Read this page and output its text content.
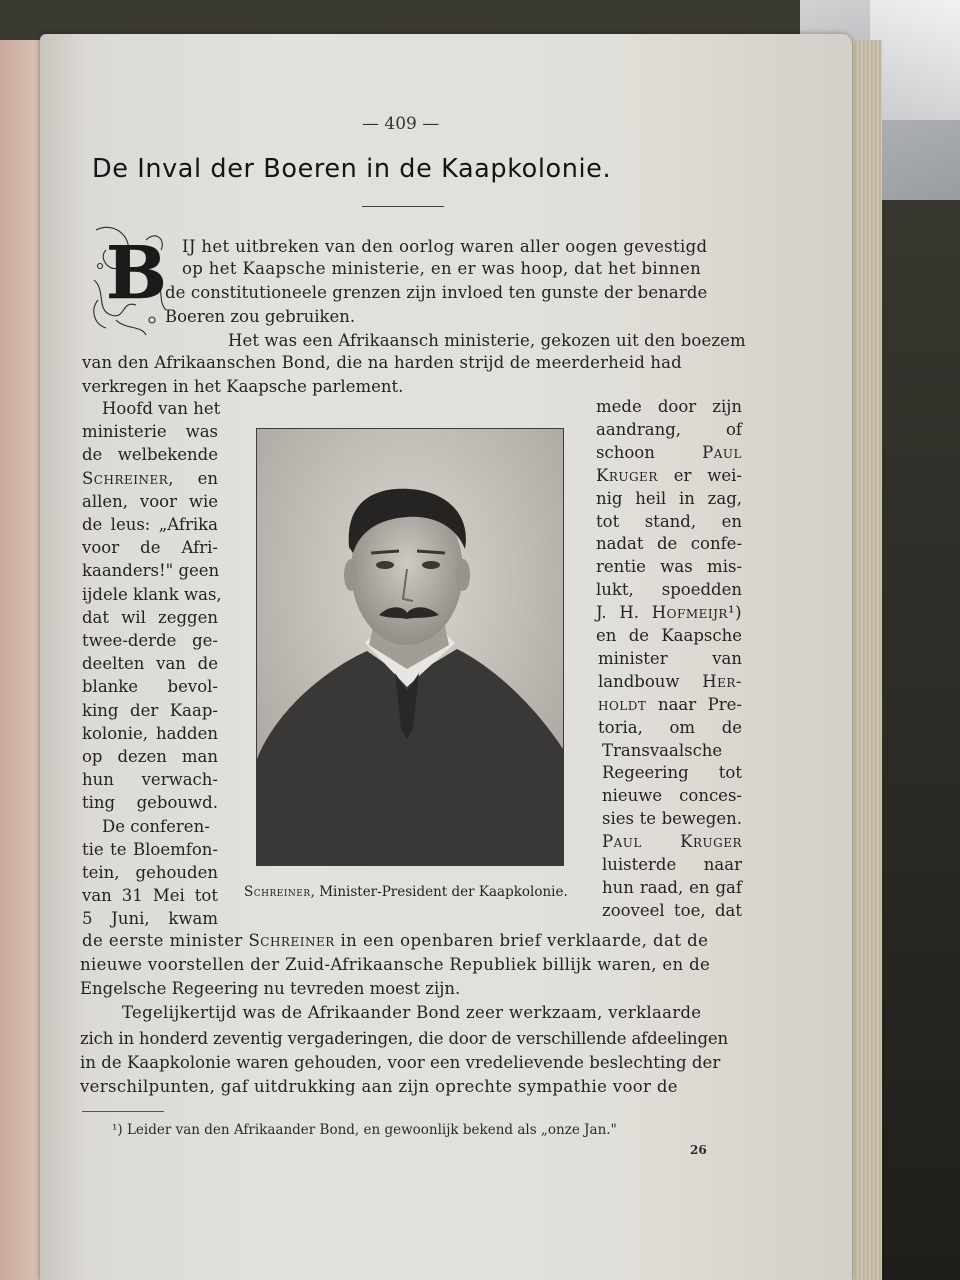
— 409 —
De Inval der Boeren in de Kaapkolonie.
B IJ het uitbreken van den oorlog waren aller oogen gevestigd
op het Kaapsche ministerie, en er was hoop, dat het binnen
de constitutioneele grenzen zijn invloed ten gunste der benarde
Boeren zou gebruiken.
Het was een Afrikaansch ministerie, gekozen uit den boezem
van den Afrikaanschen Bond, die na harden strijd de meerderheid had
verkregen in het Kaapsche parlement.
Hoofd van het
ministerie was
de welbekende
Schreiner, en
allen, voor wie
de leus: „Afrika
voor de Afri-
kaanders!" geen
ijdele klank was,
dat wil zeggen
twee-derde ge-
deelten van de
blanke bevol-
king der Kaap-
kolonie, hadden
op dezen man
hun verwach-
ting gebouwd.
De conferen-
tie te Bloemfon-
tein, gehouden
van 31 Mei tot
5 Juni, kwam
mede door zijn
aandrang,	of
schoon	Paul
Kruger er wei-
nig heil in zag,
tot stand, en
nadat de confe-
rentie was mis-
lukt, spoedden
J. H. Hofmeijr¹)
en de Kaapsche
minister	van
landbouw Her-
holdt naar Pre-
toria, om de
Transvaalsche
Regeering tot
nieuwe conces-
sies te bewegen.
Paul Kruger
luisterde naar
hun raad, en gaf
zooveel toe, dat
Schreiner, Minister-President der Kaapkolonie.
de eerste minister Schreiner in een openbaren brief verklaarde, dat de
nieuwe voorstellen der Zuid-Afrikaansche Republiek billijk waren, en de
Engelsche Regeering nu tevreden moest zijn.
Tegelijkertijd was de Afrikaander Bond zeer werkzaam, verklaarde
zich in honderd zeventig vergaderingen, die door de verschillende afdeelingen
in de Kaapkolonie waren gehouden, voor een vredelievende beslechting der
verschilpunten, gaf uitdrukking aan zijn oprechte sympathie voor de
¹) Leider van den Afrikaander Bond, en gewoonlijk bekend als „onze Jan."
26
